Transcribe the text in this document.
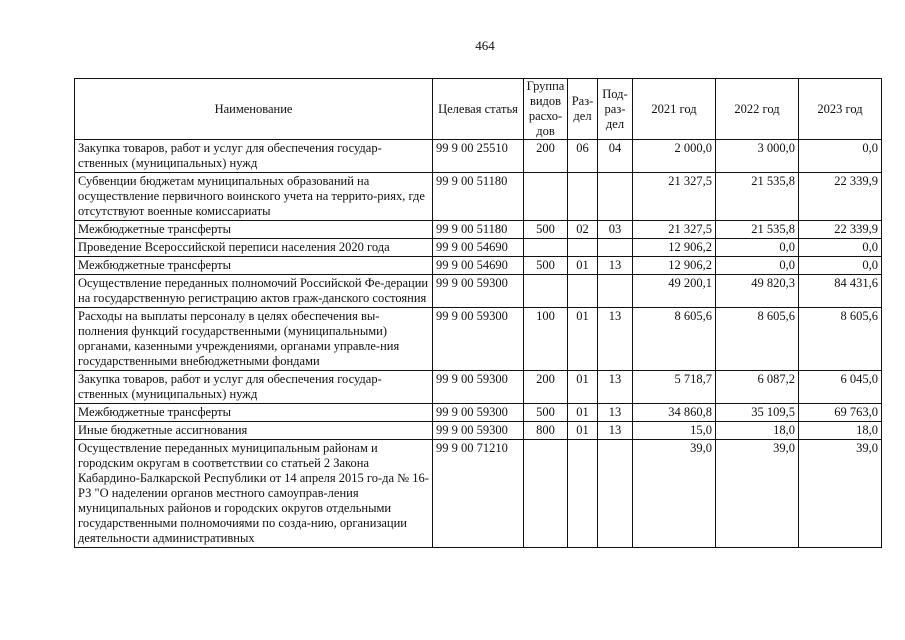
464
Наименование	Целевая статья	Группа видов расхо-дов	Раз-дел	Под-раз-дел	2021 год	2022 год	2023 год
Закупка товаров, работ и услуг для обеспечения государ-ственных (муниципальных) нужд	99 9 00 25510	200	06	04	2 000,0	3 000,0	0,0
Субвенции бюджетам муниципальных образований на осуществление первичного воинского учета на террито-риях, где отсутствуют военные комиссариаты	99 9 00 51180				21 327,5	21 535,8	22 339,9
Межбюджетные трансферты	99 9 00 51180	500	02	03	21 327,5	21 535,8	22 339,9
Проведение Всероссийской переписи населения 2020 года	99 9 00 54690				12 906,2	0,0	0,0
Межбюджетные трансферты	99 9 00 54690	500	01	13	12 906,2	0,0	0,0
Осуществление переданных полномочий Российской Фе-дерации на государственную регистрацию актов граж-данского состояния	99 9 00 59300				49 200,1	49 820,3	84 431,6
Расходы на выплаты персоналу в целях обеспечения вы-полнения функций государственными (муниципальными) органами, казенными учреждениями, органами управле-ния государственными внебюджетными фондами	99 9 00 59300	100	01	13	8 605,6	8 605,6	8 605,6
Закупка товаров, работ и услуг для обеспечения государ-ственных (муниципальных) нужд	99 9 00 59300	200	01	13	5 718,7	6 087,2	6 045,0
Межбюджетные трансферты	99 9 00 59300	500	01	13	34 860,8	35 109,5	69 763,0
Иные бюджетные ассигнования	99 9 00 59300	800	01	13	15,0	18,0	18,0
Осуществление переданных муниципальным районам и городским округам в соответствии со статьей 2 Закона Кабардино-Балкарской Республики от 14 апреля 2015 го-да № 16-РЗ "О наделении органов местного самоуправ-ления муниципальных районов и городских округов отдельными государственными полномочиями по созда-нию, организации деятельности административных	99 9 00 71210				39,0	39,0	39,0
